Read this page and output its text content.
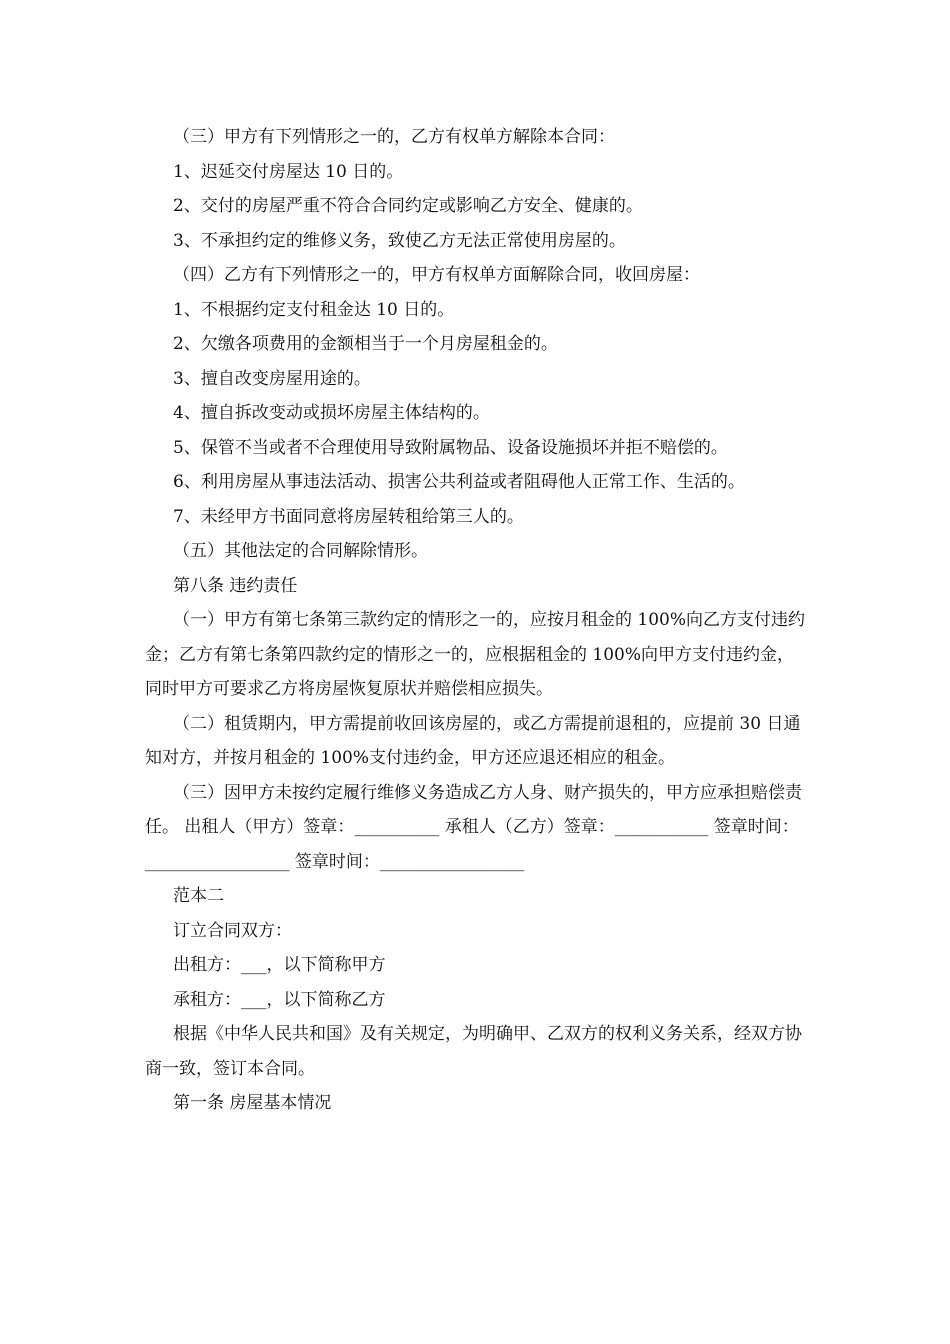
（三）甲方有下列情形之一的，乙方有权单方解除本合同：

1、迟延交付房屋达 10 日的。

2、交付的房屋严重不符合合同约定或影响乙方安全、健康的。

3、不承担约定的维修义务，致使乙方无法正常使用房屋的。

（四）乙方有下列情形之一的，甲方有权单方面解除合同，收回房屋：

1、不根据约定支付租金达 10 日的。

2、欠缴各项费用的金额相当于一个月房屋租金的。

3、擅自改变房屋用途的。

4、擅自拆改变动或损坏房屋主体结构的。

5、保管不当或者不合理使用导致附属物品、设备设施损坏并拒不赔偿的。

6、利用房屋从事违法活动、损害公共利益或者阻碍他人正常工作、生活的。

7、未经甲方书面同意将房屋转租给第三人的。

（五）其他法定的合同解除情形。

第八条 违约责任

（一）甲方有第七条第三款约定的情形之一的，应按月租金的 100%向乙方支付违约金；乙方有第七条第四款约定的情形之一的，应根据租金的 100%向甲方支付违约金，同时甲方可要求乙方将房屋恢复原状并赔偿相应损失。

（二）租赁期内，甲方需提前收回该房屋的，或乙方需提前退租的，应提前 30 日通知对方，并按月租金的 100%支付违约金，甲方还应退还相应的租金。

（三）因甲方未按约定履行维修义务造成乙方人身、财产损失的，甲方应承担赔偿责任。 出租人（甲方）签章：__________ 承租人（乙方）签章：___________ 签章时间：_________________ 签章时间：_________________

范本二

订立合同双方：

出租方：___，以下简称甲方

承租方：___，以下简称乙方

根据《中华人民共和国》及有关规定，为明确甲、乙双方的权利义务关系，经双方协商一致，签订本合同。

第一条 房屋基本情况
